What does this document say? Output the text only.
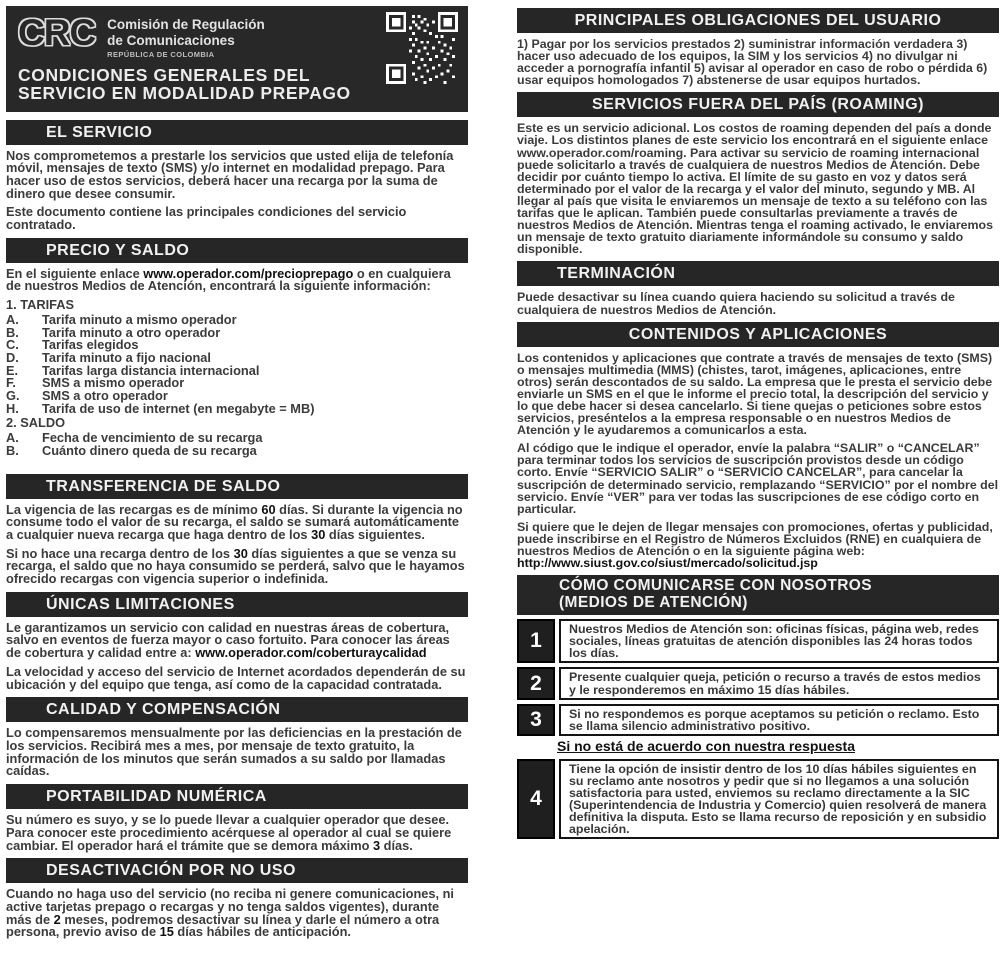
CRC Comisión de Regulación
de Comunicaciones
REPÚBLICA DE COLOMBIA
CONDICIONES GENERALES DEL
SERVICIO EN MODALIDAD PREPAGO
EL SERVICIO
Nos comprometemos a prestarle los servicios que usted elija de telefonía móvil, mensajes de texto (SMS) y/o internet en modalidad prepago. Para hacer uso de estos servicios, deberá hacer una recarga por la suma de dinero que desee consumir.
Este documento contiene las principales condiciones del servicio contratado.
PRECIO Y SALDO
En el siguiente enlace www.operador.com/precioprepago o en cualquiera de nuestros Medios de Atención, encontrará la siguiente información:
1. TARIFAS
A.	Tarifa minuto a mismo operador
B.	Tarifa minuto a otro operador
C.	Tarifas elegidos
D.	Tarifa minuto a fijo nacional
E.	Tarifas larga distancia internacional
F.	SMS a mismo operador
G.	SMS a otro operador
H.	Tarifa de uso de internet (en megabyte = MB)
2. SALDO
A.	Fecha de vencimiento de su recarga
B.	Cuánto dinero queda de su recarga
TRANSFERENCIA DE SALDO
La vigencia de las recargas es de mínimo 60 días. Si durante la vigencia no consume todo el valor de su recarga, el saldo se sumará automáticamente a cualquier nueva recarga que haga dentro de los 30 días siguientes.
Si no hace una recarga dentro de los 30 días siguientes a que se venza su recarga, el saldo que no haya consumido se perderá, salvo que le hayamos ofrecido recargas con vigencia superior o indefinida.
ÚNICAS LIMITACIONES
Le garantizamos un servicio con calidad en nuestras áreas de cobertura, salvo en eventos de fuerza mayor o caso fortuito. Para conocer las áreas de cobertura y calidad entre a: www.operador.com/coberturaycalidad
La velocidad y acceso del servicio de Internet acordados dependerán de su ubicación y del equipo que tenga, así como de la capacidad contratada.
CALIDAD Y COMPENSACIÓN
Lo compensaremos mensualmente por las deficiencias en la prestación de los servicios. Recibirá mes a mes, por mensaje de texto gratuito, la información de los minutos que serán sumados a su saldo por llamadas caídas.
PORTABILIDAD NUMÉRICA
Su número es suyo, y se lo puede llevar a cualquier operador que desee. Para conocer este procedimiento acérquese al operador al cual se quiere cambiar. El operador hará el trámite que se demora máximo 3 días.
DESACTIVACIÓN POR NO USO
Cuando no haga uso del servicio (no reciba ni genere comunicaciones, ni active tarjetas prepago o recargas y no tenga saldos vigentes), durante más de 2 meses, podremos desactivar su línea y darle el número a otra persona, previo aviso de 15 días hábiles de anticipación.
PRINCIPALES OBLIGACIONES DEL USUARIO
1) Pagar por los servicios prestados 2) suministrar información verdadera 3) hacer uso adecuado de los equipos, la SIM y los servicios 4) no divulgar ni acceder a pornografía infantil 5) avisar al operador en caso de robo o pérdida 6) usar equipos homologados 7) abstenerse de usar equipos hurtados.
SERVICIOS FUERA DEL PAÍS (ROAMING)
Este es un servicio adicional. Los costos de roaming dependen del país a donde viaje. Los distintos planes de este servicio los encontrará en el siguiente enlace www.operador.com/roaming. Para activar su servicio de roaming internacional puede solicitarlo a través de cualquiera de nuestros Medios de Atención. Debe decidir por cuánto tiempo lo activa. El límite de su gasto en voz y datos será determinado por el valor de la recarga y el valor del minuto, segundo y MB. Al llegar al país que visita le enviaremos un mensaje de texto a su teléfono con las tarifas que le aplican. También puede consultarlas previamente a través de nuestros Medios de Atención. Mientras tenga el roaming activado, le enviaremos un mensaje de texto gratuito diariamente informándole su consumo y saldo disponible.
TERMINACIÓN
Puede desactivar su línea cuando quiera haciendo su solicitud a través de cualquiera de nuestros Medios de Atención.
CONTENIDOS Y APLICACIONES
Los contenidos y aplicaciones que contrate a través de mensajes de texto (SMS) o mensajes multimedia (MMS) (chistes, tarot, imágenes, aplicaciones, entre otros) serán descontados de su saldo. La empresa que le presta el servicio debe enviarle un SMS en el que le informe el precio total, la descripción del servicio y lo que debe hacer si desea cancelarlo. Si tiene quejas o peticiones sobre estos servicios, preséntelos a la empresa responsable o en nuestros Medios de Atención y le ayudaremos a comunicarlos a esta.
Al código que le indique el operador, envíe la palabra “SALIR” o “CANCELAR” para terminar todos los servicios de suscripción provistos desde un código corto. Envíe “SERVICIO SALIR” o “SERVICIO CANCELAR”, para cancelar la suscripción de determinado servicio, remplazando “SERVICIO” por el nombre del servicio. Envíe “VER” para ver todas las suscripciones de ese código corto en particular.
Si quiere que le dejen de llegar mensajes con promociones, ofertas y publicidad, puede inscribirse en el Registro de Números Excluidos (RNE) en cualquiera de nuestros Medios de Atención o en la siguiente página web: http://www.siust.gov.co/siust/mercado/solicitud.jsp
CÓMO COMUNICARSE CON NOSOTROS
(MEDIOS DE ATENCIÓN)
1
Nuestros Medios de Atención son: oficinas físicas, página web, redes sociales, líneas gratuitas de atención disponibles las 24 horas todos los días.
2	Presente cualquier queja, petición o recurso a través de estos medios y le responderemos en máximo 15 días hábiles.
3	Si no respondemos es porque aceptamos su petición o reclamo. Esto se llama silencio administrativo positivo.
Si no está de acuerdo con nuestra respuesta
4
Tiene la opción de insistir dentro de los 10 días hábiles siguientes en su reclamo ante nosotros y pedir que si no llegamos a una solución satisfactoria para usted, enviemos su reclamo directamente a la SIC (Superintendencia de Industria y Comercio) quien resolverá de manera definitiva la disputa. Esto se llama recurso de reposición y en subsidio apelación.
